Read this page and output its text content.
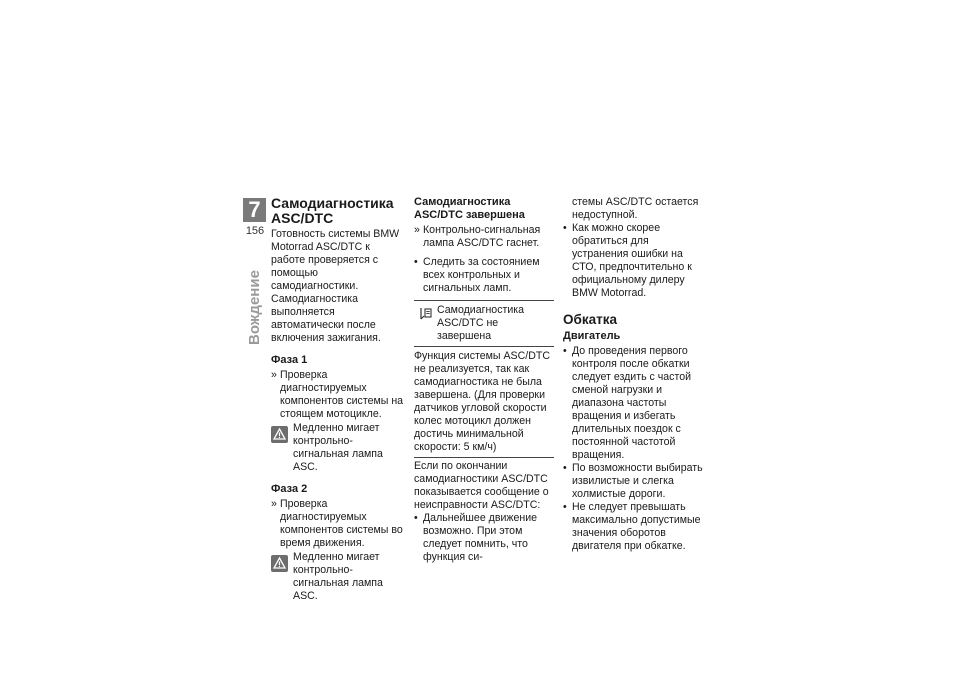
7
156
Вождение
Самодиагностика ASC/DTC

Готовность системы BMW Motorrad ASC/DTC к работе проверяется с помощью самодиагностики. Самодиагностика выполняется автоматически после включения зажигания.

Фаза 1
» Проверка диагностируемых компонентов системы на стоящем мотоцикле.
Медленно мигает контрольно-сигнальная лампа ASC.
Фаза 2
» Проверка диагностируемых компонентов системы во время движения.
Медленно мигает контрольно-сигнальная лампа ASC.
Самодиагностика ASC/DTC завершена
» Контрольно-сигнальная лампа ASC/DTC гаснет.
• Следить за состоянием всех контрольных и сигнальных ламп.
Самодиагностика ASC/DTC не завершена
Функция системы ASC/DTC не реализуется, так как самодиагностика не была завершена. (Для проверки датчиков угловой скорости колес мотоцикл должен достичь минимальной скорости: 5 км/ч)

Если по окончании самодиагностики ASC/DTC показывается сообщение о неисправности ASC/DTC:

• Дальнейшее движение возможно. При этом следует помнить, что функция си-
стемы ASC/DTC остается недоступной.
• Как можно скорее обратиться для устранения ошибки на СТО, предпочтительно к официальному дилеру BMW Motorrad.
Обкатка
Двигатель
• До проведения первого контроля после обкатки следует ездить с частой сменой нагрузки и диапазона частоты вращения и избегать длительных поездок с постоянной частотой вращения.
• По возможности выбирать извилистые и слегка холмистые дороги.
• Не следует превышать максимально допустимые значения оборотов двигателя при обкатке.
